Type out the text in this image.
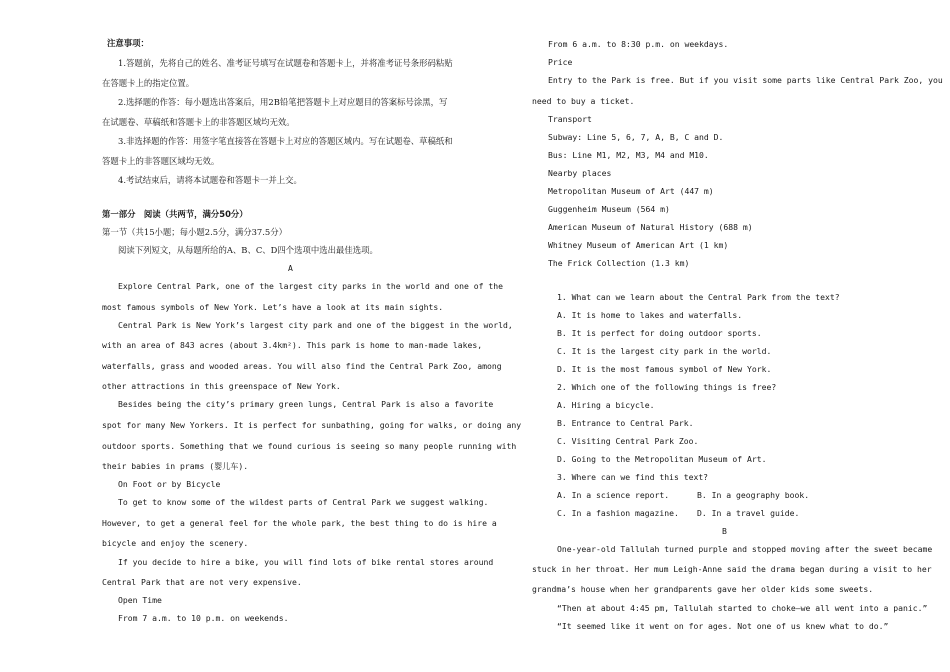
注意事项：
1.答题前，先将自己的姓名、准考证号填写在试题卷和答题卡上，并将准考证号条形码粘贴
在答题卡上的指定位置。
2.选择题的作答：每小题选出答案后，用2B铅笔把答题卡上对应题目的答案标号涂黑，写
在试题卷、草稿纸和答题卡上的非答题区域均无效。
3.非选择题的作答：用签字笔直接答在答题卡上对应的答题区域内。写在试题卷、草稿纸和
答题卡上的非答题区域均无效。
4.考试结束后，请将本试题卷和答题卡一并上交。
第一部分　阅读（共两节，满分50分）
第一节（共15小题；每小题2.5分，满分37.5分）
阅读下列短文，从每题所给的A、B、C、D四个选项中选出最佳选项。
A
Explore Central Park, one of the largest city parks in the world and one of the
most famous symbols of New York. Let’s have a look at its main sights.
Central Park is New York’s largest city park and one of the biggest in the world,
with an area of 843 acres (about 3.4km²). This park is home to man-made lakes,
waterfalls, grass and wooded areas. You will also find the Central Park Zoo, among
other attractions in this greenspace of New York.
Besides being the city’s primary green lungs, Central Park is also a favorite
spot for many New Yorkers. It is perfect for sunbathing, going for walks, or doing any
outdoor sports. Something that we found curious is seeing so many people running with
their babies in prams (婴儿车).
On Foot or by Bicycle
To get to know some of the wildest parts of Central Park we suggest walking.
However, to get a general feel for the whole park, the best thing to do is hire a
bicycle and enjoy the scenery.
If you decide to hire a bike, you will find lots of bike rental stores around
Central Park that are not very expensive.
Open Time
From 7 a.m. to 10 p.m. on weekends.
From 6 a.m. to 8:30 p.m. on weekdays.
Price
Entry to the Park is free. But if you visit some parts like Central Park Zoo, you
need to buy a ticket.
Transport
Subway: Line 5, 6, 7, A, B, C and D.
Bus: Line M1, M2, M3, M4 and M10.
Nearby places
Metropolitan Museum of Art (447 m)
Guggenheim Museum (564 m)
American Museum of Natural History (688 m)
Whitney Museum of American Art (1 km)
The Frick Collection (1.3 km)
1. What can we learn about the Central Park from the text?
A. It is home to lakes and waterfalls.
B. It is perfect for doing outdoor sports.
C. It is the largest city park in the world.
D. It is the most famous symbol of New York.
2. Which one of the following things is free?
A. Hiring a bicycle.
B. Entrance to Central Park.
C. Visiting Central Park Zoo.
D. Going to the Metropolitan Museum of Art.
3. Where can we find this text?
A. In a science report.	B. In a geography book.
C. In a fashion magazine. D. In a travel guide.
B
One-year-old Tallulah turned purple and stopped moving after the sweet became
stuck in her throat. Her mum Leigh-Anne said the drama began during a visit to her
grandma’s house when her grandparents gave her older kids some sweets.
“Then at about 4:45 pm, Tallulah started to choke—we all went into a panic.”
“It seemed like it went on for ages. Not one of us knew what to do.”
